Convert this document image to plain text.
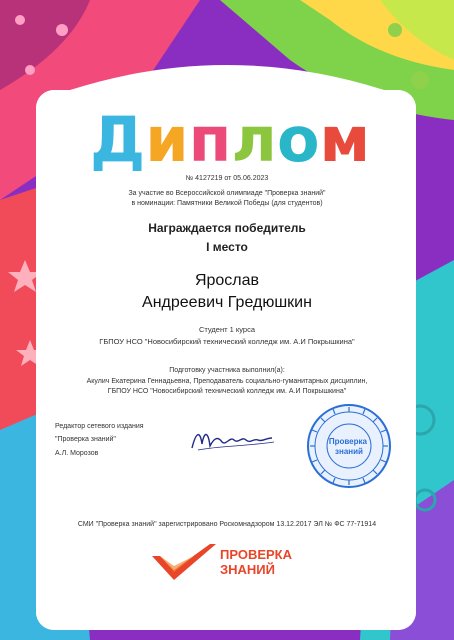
Диплом
№ 4127219 от 05.06.2023
За участие во Всероссийской олимпиаде "Проверка знаний"
в номинации: Памятники Великой Победы (для студентов)
Награждается победитель
I место
Ярослав
Андреевич Гредюшкин
Студент 1 курса
ГБПОУ НСО "Новосибирский технический колледж им. А.И Покрышкина"
Подготовку участника выполнил(а):
Акулич Екатерина Геннадьевна, Преподаватель социально-гуманитарных дисциплин,
ГБПОУ НСО "Новосибирский технический колледж им. А.И Покрышкина"
Редактор сетевого издания
"Проверка знаний"
А.Л. Морозов
Проверка знаний
СМИ "Проверка знаний" зарегистрировано Роскомнадзором 13.12.2017 ЭЛ № ФС 77-71914
ПРОВЕРКА
ЗНАНИЙ
